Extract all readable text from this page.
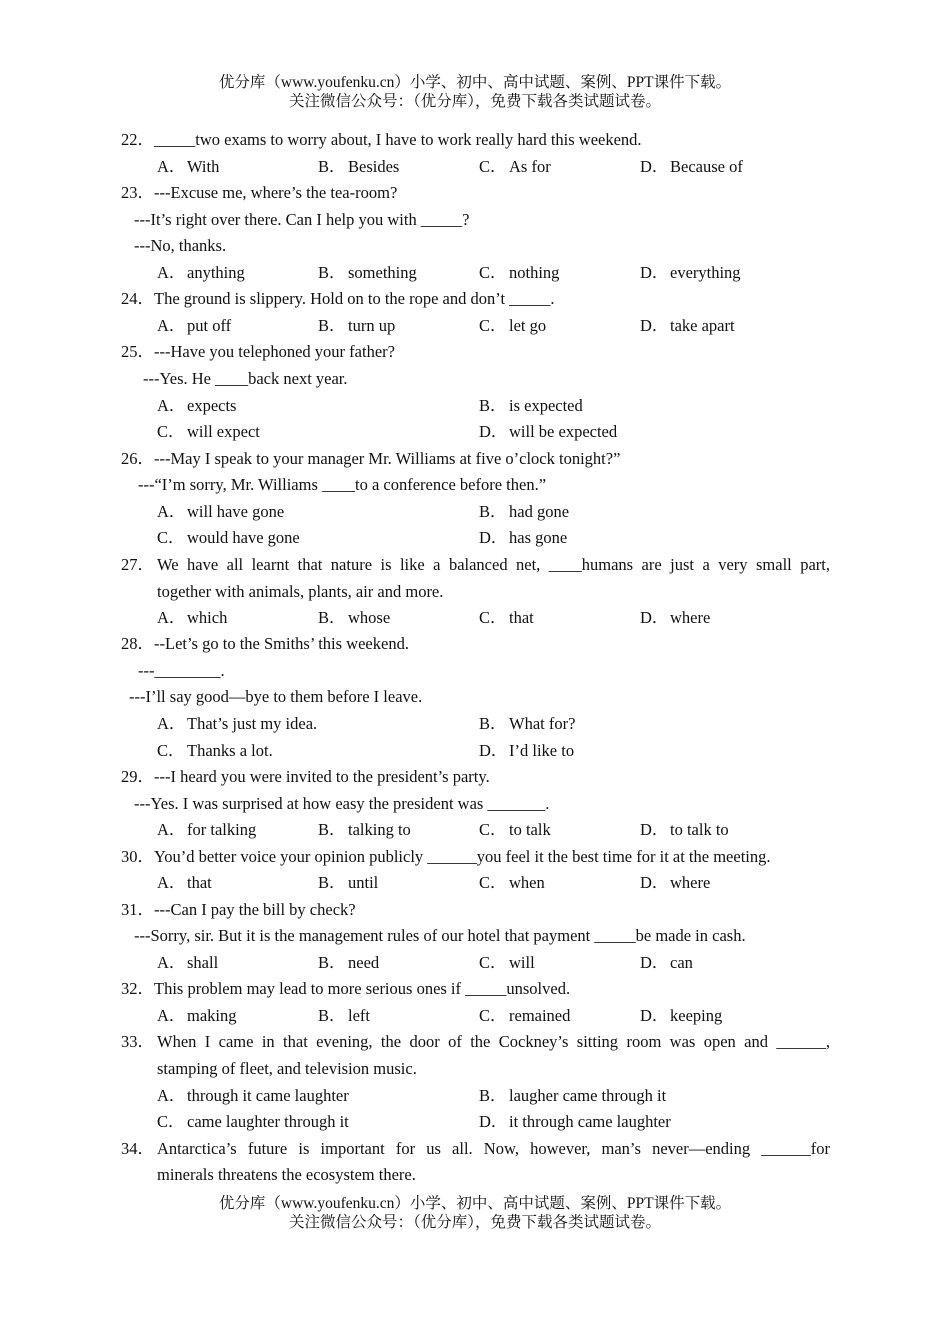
优分库（www.youfenku.cn）小学、初中、高中试题、案例、PPT课件下载。
关注微信公众号：（优分库），免费下载各类试题试卷。
22．_____two exams to worry about, I have to work really hard this weekend.
A．With	B． Besides	C． As for	D．Because of
23．---Excuse me, where’s the tea-room?
---It’s right over there. Can I help you with _____?
---No, thanks.
A．anything	B． something	C． nothing	D．everything
24．The ground is slippery. Hold on to the rope and don’t _____.
A．put off	B． turn up	C． let go	D．take apart
25．---Have you telephoned your father?
---Yes. He ____back next year.
A．expects	B． is expected
C． will expect	D．will be expected
26．---May I speak to your manager Mr. Williams at five o’clock tonight?”
---“I’m sorry, Mr. Williams ____to a conference before then.”
A．will have gone	B． had gone
C． would have gone	D．has gone
27． We have all learnt that nature is like a balanced net, ____humans are just a very small part,
together with animals, plants, air and more.
A．which	B． whose	C． that	D．where
28．--Let’s go to the Smiths’ this weekend.
---________.
---I’ll say good—bye to them before I leave.
A．That’s just my idea.	B． What for?
C． Thanks a lot.	D．I’d like to
29．---I heard you were invited to the president’s party.
---Yes. I was surprised at how easy the president was _______.
A．for talking	B． talking to	C． to talk	D．to talk to
30．You’d better voice your opinion publicly ______you feel it the best time for it at the meeting.
A．that	B． until	C． when	D．where
31．---Can I pay the bill by check?
---Sorry, sir. But it is the management rules of our hotel that payment _____be made in cash.
A．shall	B． need	C． will	D．can
32．This problem may lead to more serious ones if _____unsolved.
A．making	B． left	C． remained	D．keeping
33． When I came in that evening, the door of the Cockney’s sitting room was open and ______,
stamping of fleet, and television music.
A．through it came laughter	B． laugher came through it
C． came laughter through it	D．it through came laughter
34． Antarctica’s future is important for us all. Now, however, man’s never—ending ______for
minerals threatens the ecosystem there.
优分库（www.youfenku.cn）小学、初中、高中试题、案例、PPT课件下载。
关注微信公众号：（优分库），免费下载各类试题试卷。
